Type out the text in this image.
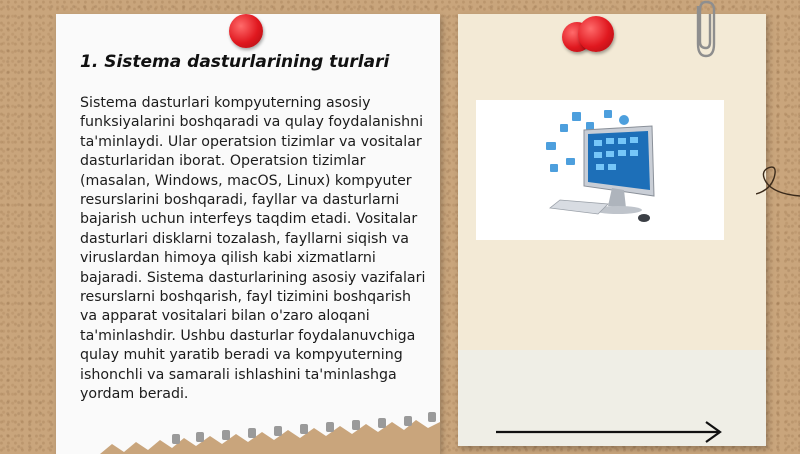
1. Sistema dasturlarining turlari

Sistema dasturlari kompyuterning asosiy funksiyalarini boshqaradi va qulay foydalanishni ta'minlaydi. Ular operatsion tizimlar va vositalar dasturlaridan iborat. Operatsion tizimlar (masalan, Windows, macOS, Linux) kompyuter resurslarini boshqaradi, fayllar va dasturlarni bajarish uchun interfeys taqdim etadi. Vositalar dasturlari disklarni tozalash, fayllarni siqish va viruslardan himoya qilish kabi xizmatlarni bajaradi. Sistema dasturlarining asosiy vazifalari resurslarni boshqarish, fayl tizimini boshqarish va apparat vositalari bilan o'zaro aloqani ta'minlashdir. Ushbu dasturlar foydalanuvchiga qulay muhit yaratib beradi va kompyuterning ishonchli va samarali ishlashini ta'minlashga yordam beradi.
